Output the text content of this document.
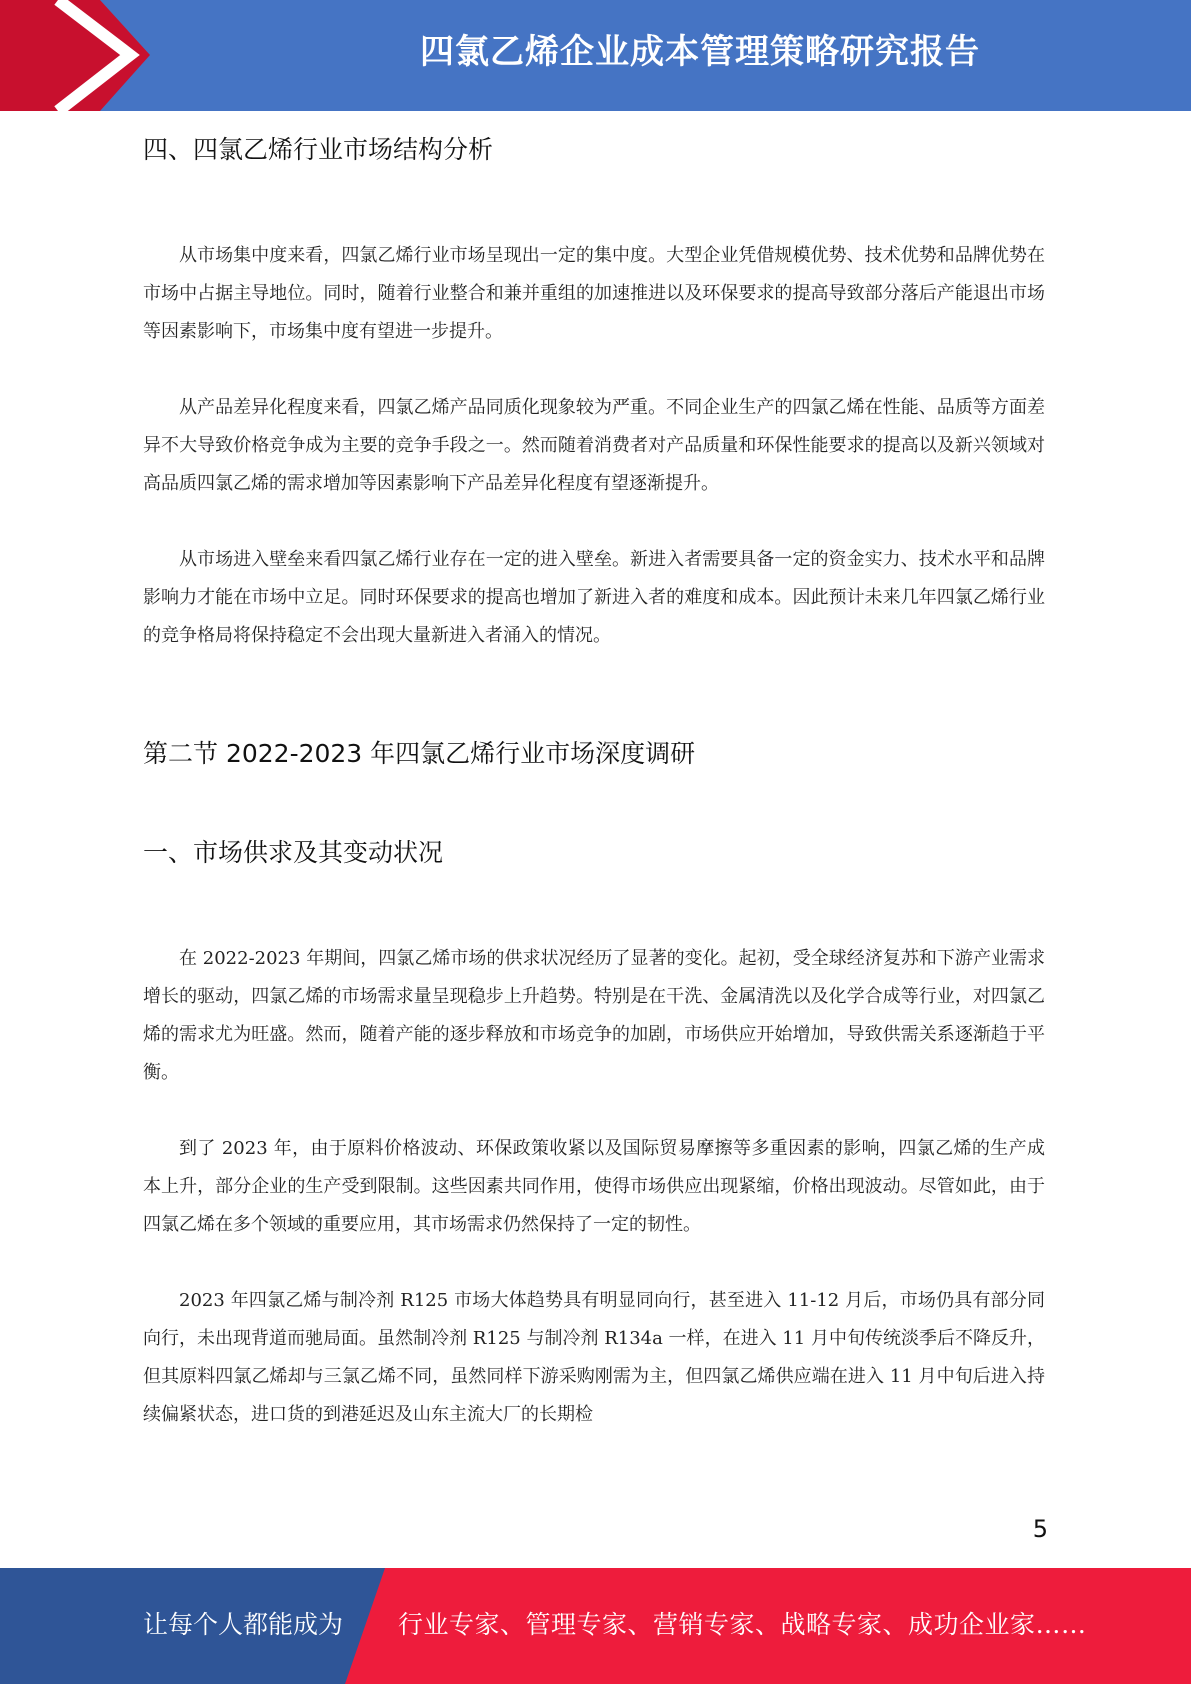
四氯乙烯企业成本管理策略研究报告
四、四氯乙烯行业市场结构分析

从市场集中度来看，四氯乙烯行业市场呈现出一定的集中度。大型企业凭借规模优势、技术优势和品牌优势在市场中占据主导地位。同时，随着行业整合和兼并重组的加速推进以及环保要求的提高导致部分落后产能退出市场等因素影响下，市场集中度有望进一步提升。

从产品差异化程度来看，四氯乙烯产品同质化现象较为严重。不同企业生产的四氯乙烯在性能、品质等方面差异不大导致价格竞争成为主要的竞争手段之一。然而随着消费者对产品质量和环保性能要求的提高以及新兴领域对高品质四氯乙烯的需求增加等因素影响下产品差异化程度有望逐渐提升。

从市场进入壁垒来看四氯乙烯行业存在一定的进入壁垒。新进入者需要具备一定的资金实力、技术水平和品牌影响力才能在市场中立足。同时环保要求的提高也增加了新进入者的难度和成本。因此预计未来几年四氯乙烯行业的竞争格局将保持稳定不会出现大量新进入者涌入的情况。

第二节 2022-2023 年四氯乙烯行业市场深度调研
一、市场供求及其变动状况

在 2022-2023 年期间，四氯乙烯市场的供求状况经历了显著的变化。起初，受全球经济复苏和下游产业需求增长的驱动，四氯乙烯的市场需求量呈现稳步上升趋势。特别是在干洗、金属清洗以及化学合成等行业，对四氯乙烯的需求尤为旺盛。然而，随着产能的逐步释放和市场竞争的加剧，市场供应开始增加，导致供需关系逐渐趋于平衡。

到了 2023 年，由于原料价格波动、环保政策收紧以及国际贸易摩擦等多重因素的影响，四氯乙烯的生产成本上升，部分企业的生产受到限制。这些因素共同作用，使得市场供应出现紧缩，价格出现波动。尽管如此，由于四氯乙烯在多个领域的重要应用，其市场需求仍然保持了一定的韧性。

2023 年四氯乙烯与制冷剂 R125 市场大体趋势具有明显同向行，甚至进入 11-12 月后，市场仍具有部分同向行，未出现背道而驰局面。虽然制冷剂 R125 与制冷剂 R134a 一样，在进入 11 月中旬传统淡季后不降反升，但其原料四氯乙烯却与三氯乙烯不同，虽然同样下游采购刚需为主，但四氯乙烯供应端在进入 11 月中旬后进入持续偏紧状态，进口货的到港延迟及山东主流大厂的长期检

5
让每个人都能成为 行业专家、管理专家、营销专家、战略专家、成功企业家……
